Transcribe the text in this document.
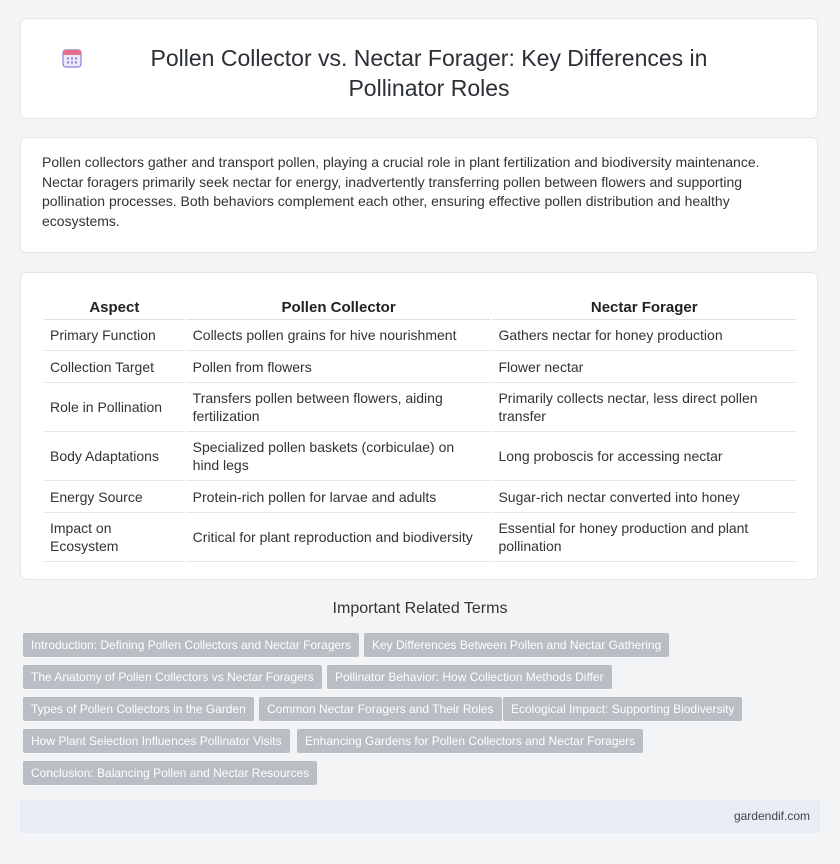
Pollen Collector vs. Nectar Forager: Key Differences in Pollinator Roles

Pollen collectors gather and transport pollen, playing a crucial role in plant fertilization and biodiversity maintenance. Nectar foragers primarily seek nectar for energy, inadvertently transferring pollen between flowers and supporting pollination processes. Both behaviors complement each other, ensuring effective pollen distribution and healthy ecosystems.

Aspect	Pollen Collector	Nectar Forager
Primary Function	Collects pollen grains for hive nourishment	Gathers nectar for honey production
Collection Target	Pollen from flowers	Flower nectar
Role in Pollination	Transfers pollen between flowers, aiding fertilization	Primarily collects nectar, less direct pollen transfer
Body Adaptations	Specialized pollen baskets (corbiculae) on hind legs	Long proboscis for accessing nectar
Energy Source	Protein-rich pollen for larvae and adults	Sugar-rich nectar converted into honey
Impact on Ecosystem	Critical for plant reproduction and biodiversity	Essential for honey production and plant pollination
Important Related Terms
Introduction: Defining Pollen Collectors and Nectar Foragers	Key Differences Between Pollen and Nectar Gathering
The Anatomy of Pollen Collectors vs Nectar Foragers	Pollinator Behavior: How Collection Methods Differ
Types of Pollen Collectors in the Garden	Common Nectar Foragers and Their Roles	Ecological Impact: Supporting Biodiversity
How Plant Selection Influences Pollinator Visits	Enhancing Gardens for Pollen Collectors and Nectar Foragers
Conclusion: Balancing Pollen and Nectar Resources
gardendif.com
